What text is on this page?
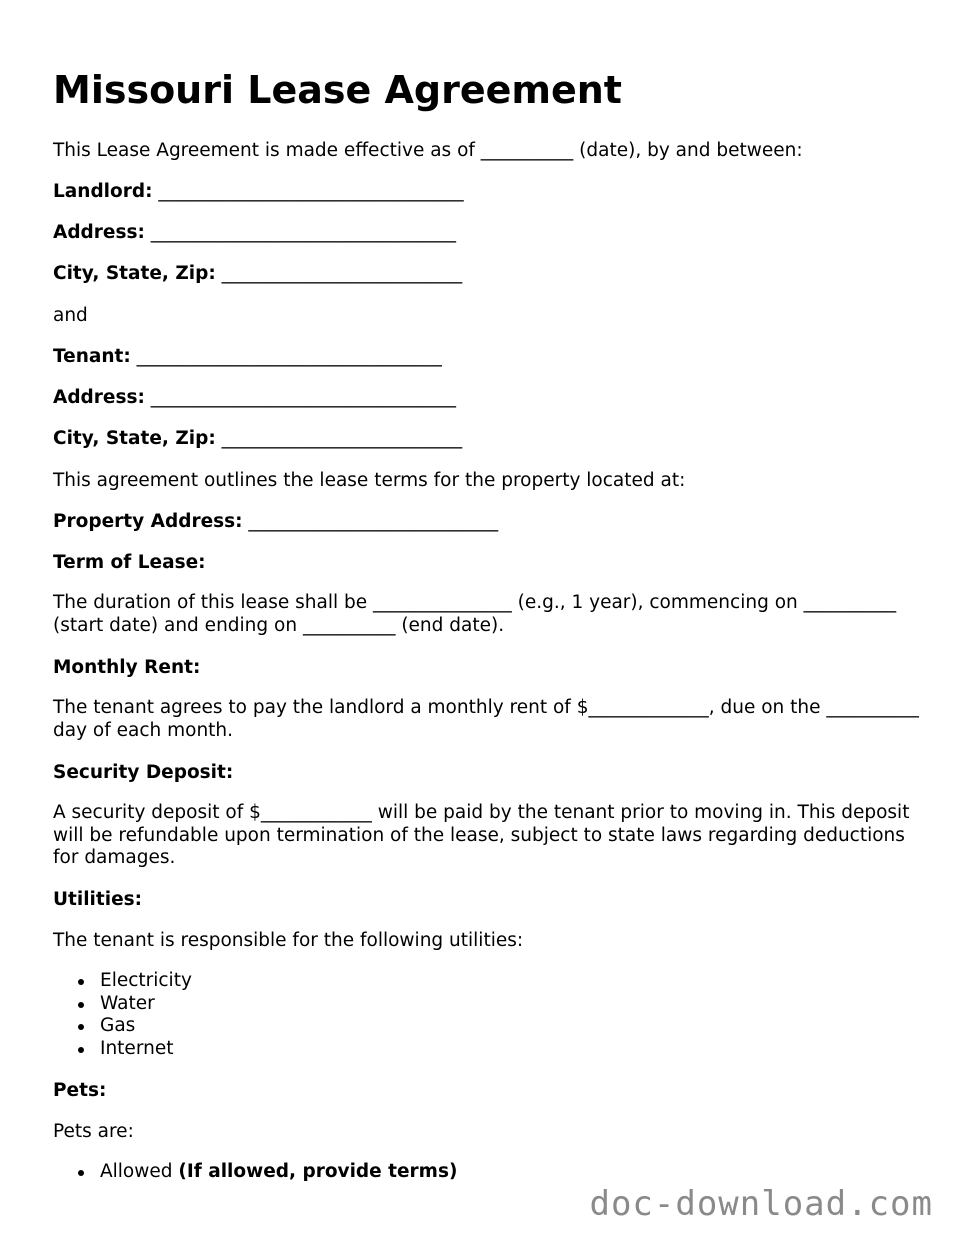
Missouri Lease Agreement

This Lease Agreement is made effective as of __________ (date), by and between:

Landlord: _________________________________

Address: _________________________________

City, State, Zip: __________________________

and

Tenant: _________________________________

Address: _________________________________

City, State, Zip: __________________________

This agreement outlines the lease terms for the property located at:

Property Address: ___________________________

Term of Lease:

The duration of this lease shall be _______________ (e.g., 1 year), commencing on __________ (start date) and ending on __________ (end date).

Monthly Rent:

The tenant agrees to pay the landlord a monthly rent of $_____________, due on the __________ day of each month.

Security Deposit:

A security deposit of $____________ will be paid by the tenant prior to moving in. This deposit will be refundable upon termination of the lease, subject to state laws regarding deductions for damages.

Utilities:

The tenant is responsible for the following utilities:

Electricity
Water
Gas
Internet

Pets:

Pets are:

Allowed (If allowed, provide terms)
doc-download.com
